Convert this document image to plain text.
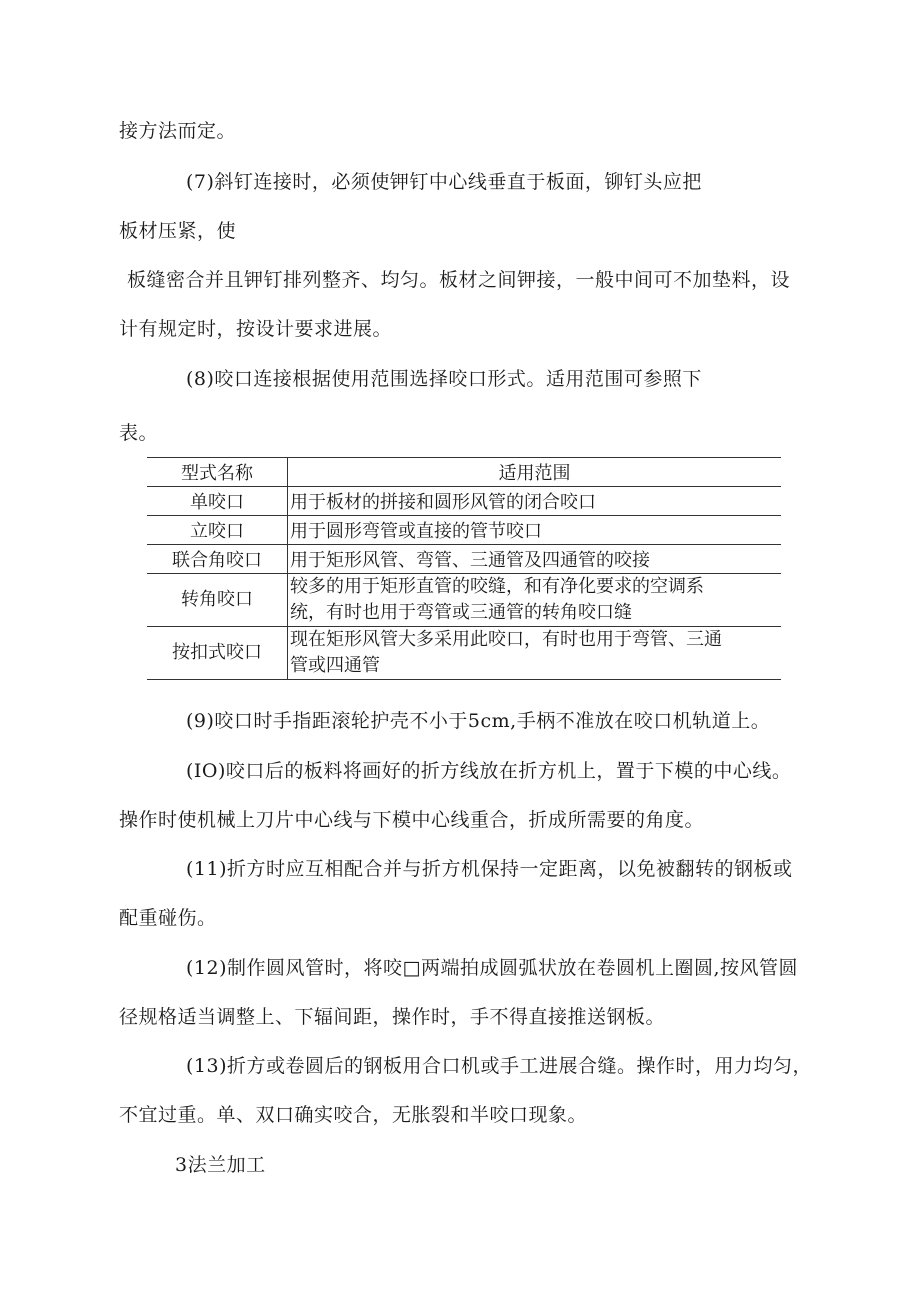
接方法而定。
(7)斜钉连接时，必须使钾钉中心线垂直于板面，铆钉头应把
板材压紧，使
板缝密合并且钾钉排列整齐、均匀。板材之间钾接，一般中间可不加垫料，设
计有规定时，按设计要求进展。
(8)咬口连接根据使用范围选择咬口形式。适用范围可参照下
表。
型式名称	适用范围
单咬口	用于板材的拼接和圆形风管的闭合咬口
立咬口	用于圆形弯管或直接的管节咬口
联合角咬口	用于矩形风管、弯管、三通管及四通管的咬接
转角咬口	较多的用于矩形直管的咬缝，和有净化要求的空调系
统，有时也用于弯管或三通管的转角咬口缝

按扣式咬口	现在矩形风管大多采用此咬口，有时也用于弯管、三通
管或四通管
(9)咬口时手指距滚轮护壳不小于5cm,手柄不准放在咬口机轨道上。
(IO)咬口后的板料将画好的折方线放在折方机上，置于下模的中心线。
操作时使机械上刀片中心线与下模中心线重合，折成所需要的角度。
(11)折方时应互相配合并与折方机保持一定距离，以免被翻转的钢板或
配重碰伤。
(12)制作圆风管时，将咬□两端拍成圆弧状放在卷圆机上圈圆,按风管圆
径规格适当调整上、下辐间距，操作时，手不得直接推送钢板。
(13)折方或卷圆后的钢板用合口机或手工进展合缝。操作时，用力均匀，
不宜过重。单、双口确实咬合，无胀裂和半咬口现象。
3法兰加工
